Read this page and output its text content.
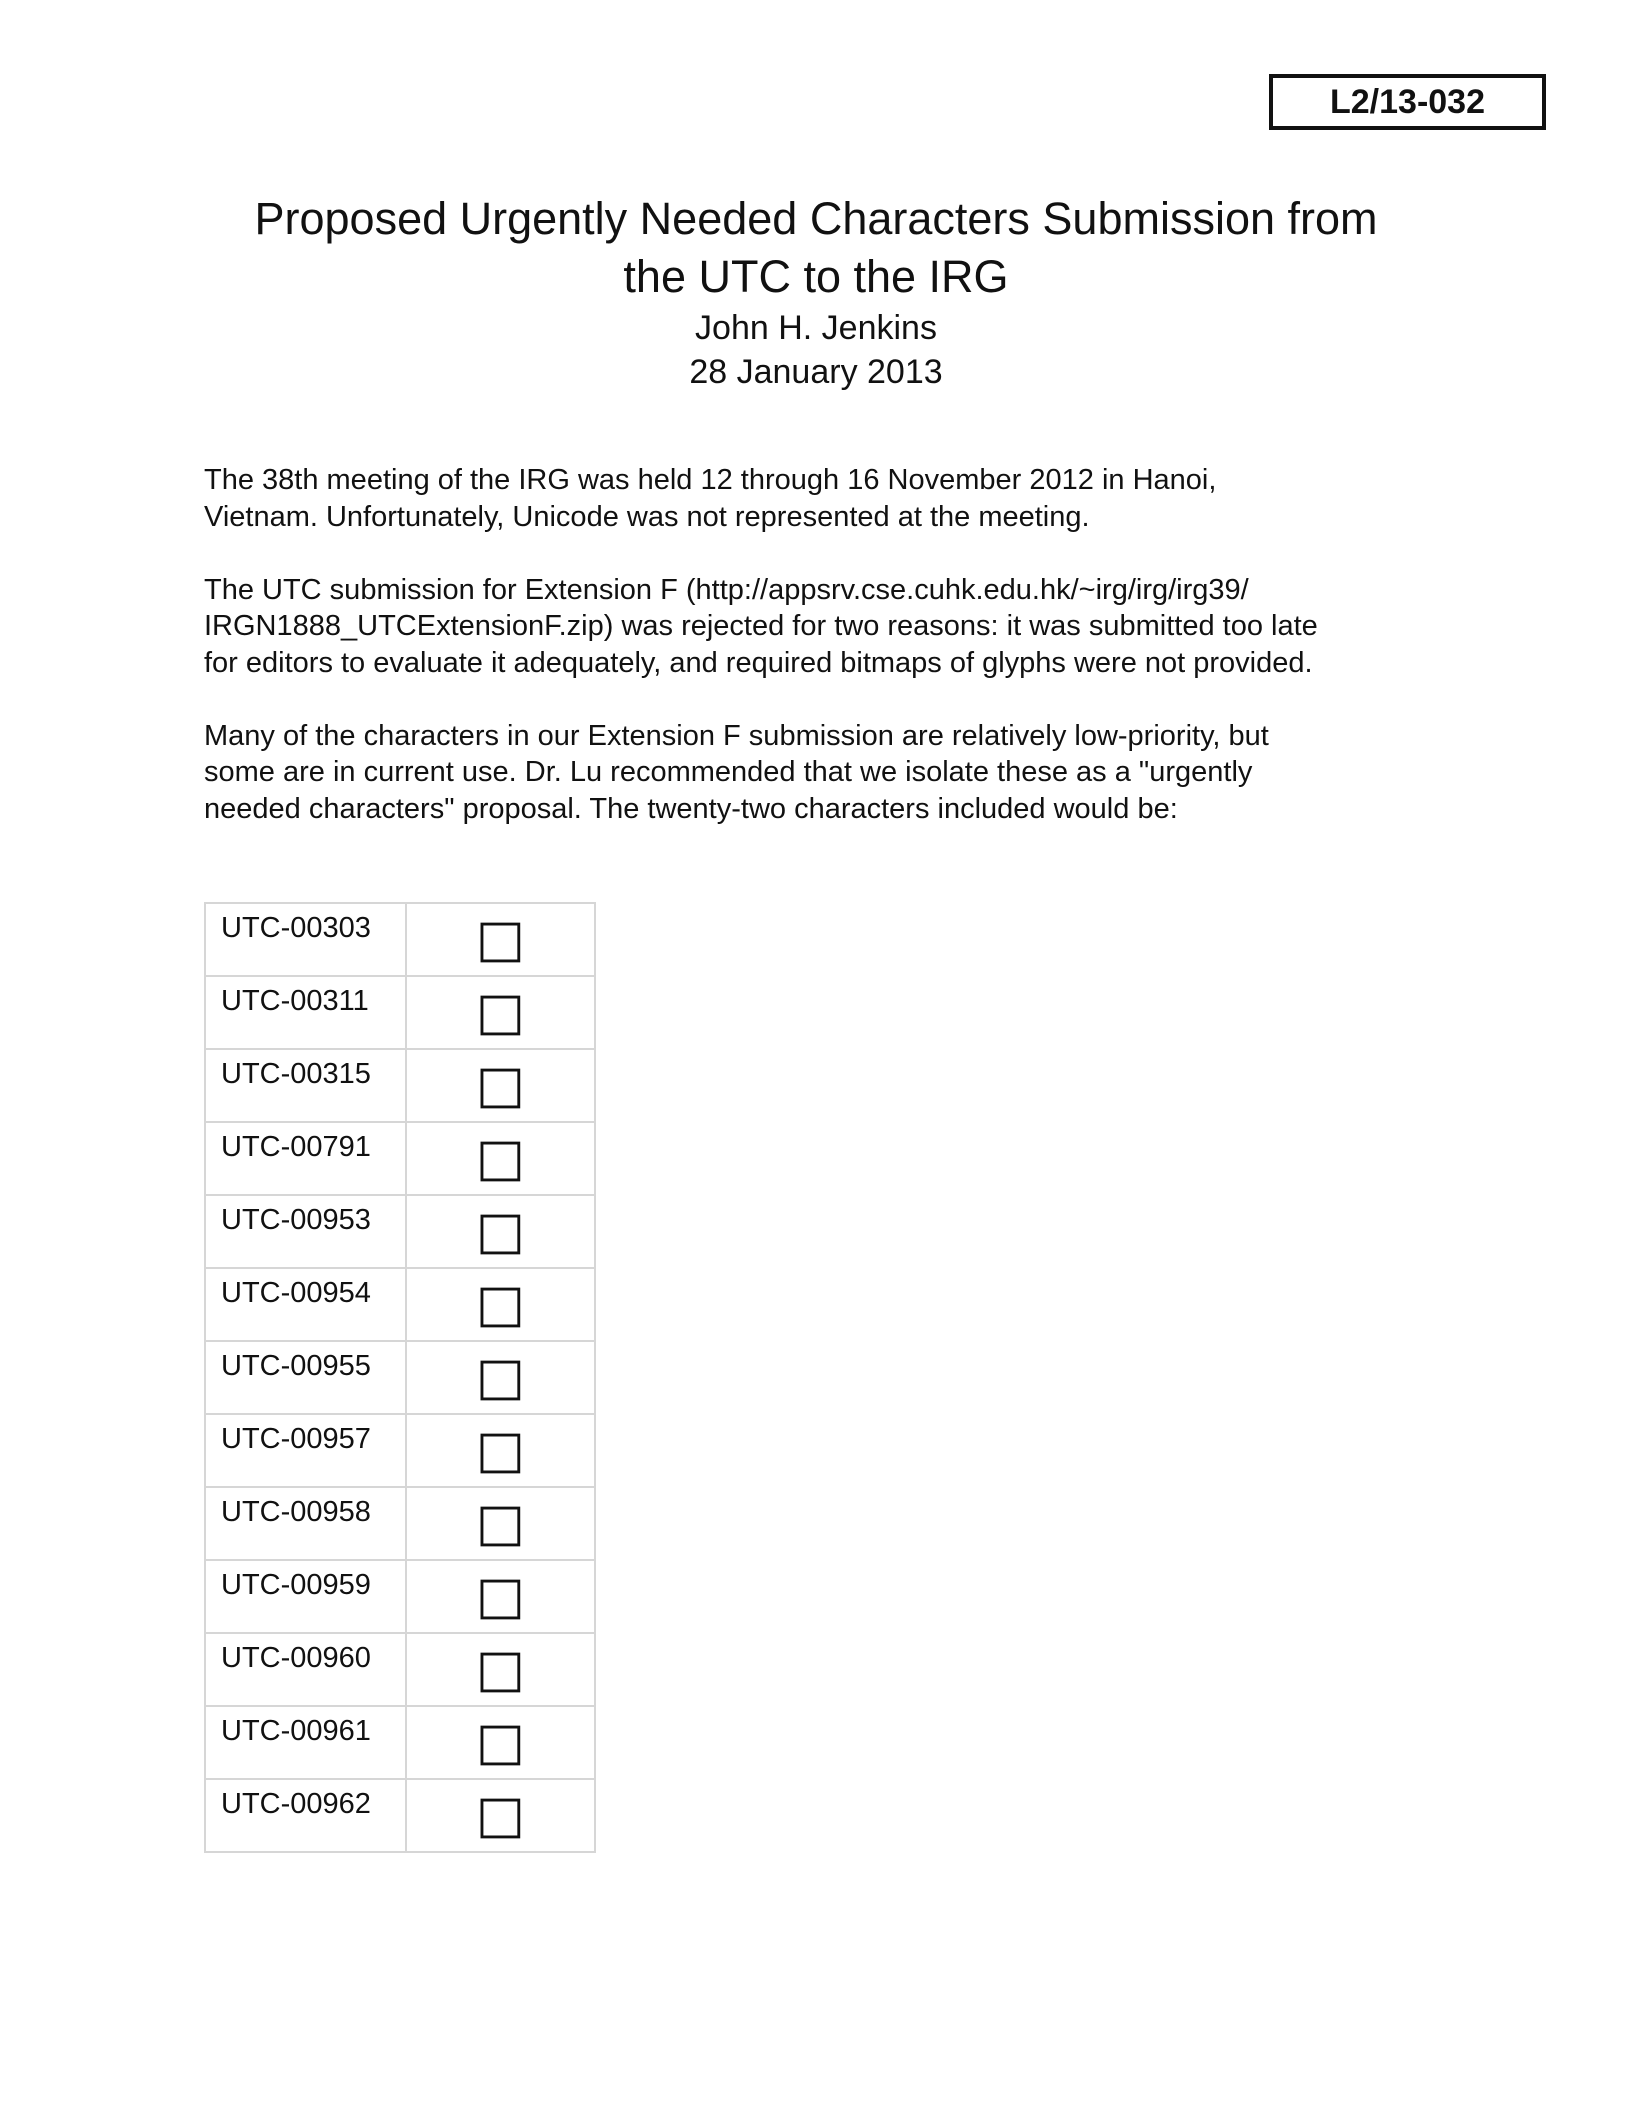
L2/13-032
Proposed Urgently Needed Characters Submission from
the UTC to the IRG
John H. Jenkins
28 January 2013

The 38th meeting of the IRG was held 12 through 16 November 2012 in Hanoi,
Vietnam. Unfortunately, Unicode was not represented at the meeting.

The UTC submission for Extension F (http://appsrv.cse.cuhk.edu.hk/~irg/irg/irg39/
IRGN1888_UTCExtensionF.zip) was rejected for two reasons: it was submitted too late
for editors to evaluate it adequately, and required bitmaps of glyphs were not provided.

Many of the characters in our Extension F submission are relatively low-priority, but
some are in current use. Dr. Lu recommended that we isolate these as a "urgently
needed characters" proposal. The twenty-two characters included would be:

UTC-00303	□
UTC-00311	□
UTC-00315	□
UTC-00791	□
UTC-00953	□
UTC-00954	□
UTC-00955	□
UTC-00957	□
UTC-00958	□
UTC-00959	□
UTC-00960	□
UTC-00961	□
UTC-00962	□
